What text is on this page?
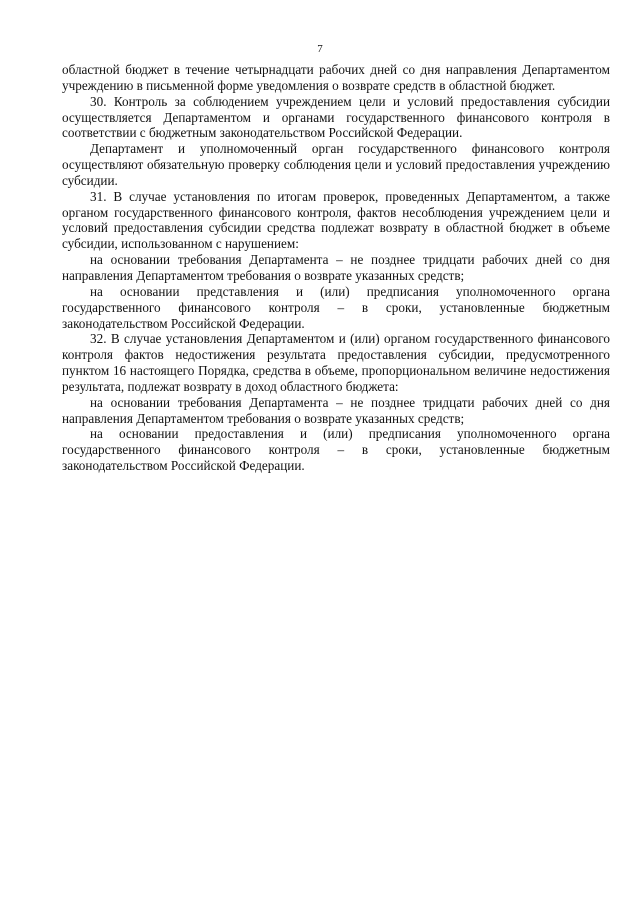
7

областной бюджет в течение четырнадцати рабочих дней со дня направления Департаментом учреждению в письменной форме уведомления о возврате средств в областной бюджет.

30. Контроль за соблюдением учреждением цели и условий предоставления субсидии осуществляется Департаментом и органами государственного финансового контроля в соответствии с бюджетным законодательством Российской Федерации.

Департамент и уполномоченный орган государственного финансового контроля осуществляют обязательную проверку соблюдения цели и условий предоставления учреждению субсидии.

31. В случае установления по итогам проверок, проведенных Департаментом, а также органом государственного финансового контроля, фактов несоблюдения учреждением цели и условий предоставления субсидии средства подлежат возврату в областной бюджет в объеме субсидии, использованном с нарушением:

на основании требования Департамента – не позднее тридцати рабочих дней со дня направления Департаментом требования о возврате указанных средств;

на основании представления и (или) предписания уполномоченного органа государственного финансового контроля – в сроки, установленные бюджетным законодательством Российской Федерации.

32. В случае установления Департаментом и (или) органом государственного финансового контроля фактов недостижения результата предоставления субсидии, предусмотренного пунктом 16 настоящего Порядка, средства в объеме, пропорциональном величине недостижения результата, подлежат возврату в доход областного бюджета:

на основании требования Департамента – не позднее тридцати рабочих дней со дня направления Департаментом требования о возврате указанных средств;

на основании предоставления и (или) предписания уполномоченного органа государственного финансового контроля – в сроки, установленные бюджетным законодательством Российской Федерации.
